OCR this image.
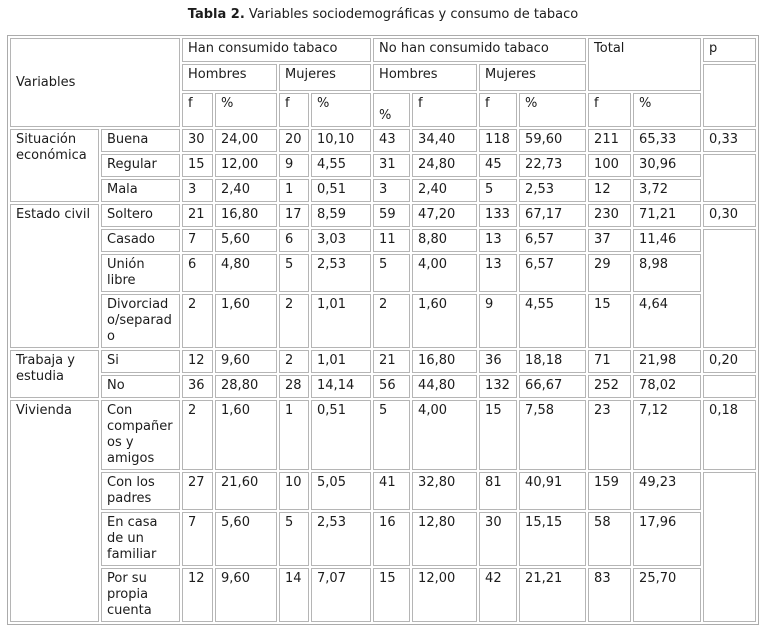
Tabla 2. Variables sociodemográficas y consumo de tabaco
Variables		Han consumido tabaco				No han consumido tabaco				Total		p
		Hombres		Mujeres		Hombres		Mujeres				
		f	%	f	%	%	f	f	%	f	%	
Situación económica	Buena	30	24,00	20	10,10	43	34,40	118	59,60	211	65,33	0,33
	Regular	15	12,00	9	4,55	31	24,80	45	22,73	100	30,96	
	Mala	3	2,40	1	0,51	3	2,40	5	2,53	12	3,72	
Estado civil	Soltero	21	16,80	17	8,59	59	47,20	133	67,17	230	71,21	0,30
	Casado	7	5,60	6	3,03	11	8,80	13	6,57	37	11,46	
	Unión libre	6	4,80	5	2,53	5	4,00	13	6,57	29	8,98	
	Divorciado/separado	2	1,60	2	1,01	2	1,60	9	4,55	15	4,64	
Trabaja y estudia	Si	12	9,60	2	1,01	21	16,80	36	18,18	71	21,98	0,20
	No	36	28,80	28	14,14	56	44,80	132	66,67	252	78,02	
Vivienda	Con compañeros y amigos	2	1,60	1	0,51	5	4,00	15	7,58	23	7,12	0,18
	Con los padres	27	21,60	10	5,05	41	32,80	81	40,91	159	49,23	
	En casa de un familiar	7	5,60	5	2,53	16	12,80	30	15,15	58	17,96	
	Por su propia cuenta	12	9,60	14	7,07	15	12,00	42	21,21	83	25,70	
